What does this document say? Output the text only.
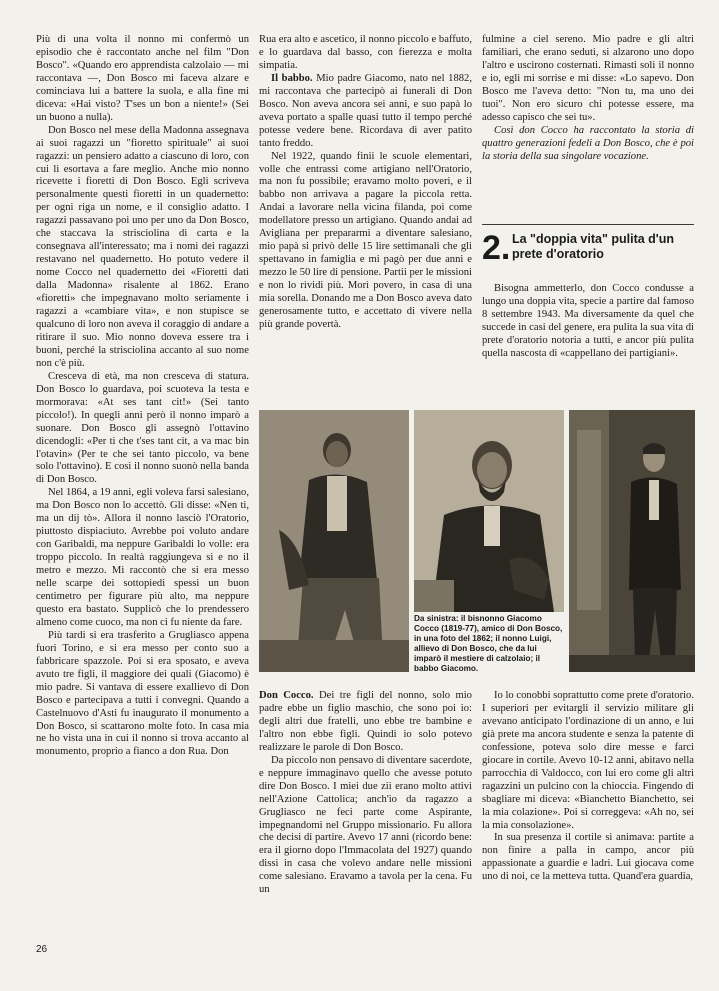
Più di una volta il nonno mi confermò un episodio che è raccontato anche nel film "Don Bosco". «Quando ero apprendista calzolaio — mi raccontava —, Don Bosco mi faceva alzare e cominciava lui a battere la suola, e alla fine mi diceva: «Hai visto? T'ses un bon a niente!» (Sei un buono a nulla).

Don Bosco nel mese della Madonna assegnava ai suoi ragazzi un "fioretto spirituale" ai suoi ragazzi: un pensiero adatto a ciascuno di loro, con cui li esortava a fare meglio. Anche mio nonno ricevette i fioretti di Don Bosco. Egli scriveva personalmente questi fioretti in un quadernetto: per ogni riga un nome, e il consiglio adatto. I ragazzi passavano poi uno per uno da Don Bosco, che staccava la strisciolina di carta e la consegnava all'interessato; ma i nomi dei ragazzi restavano nel quadernetto. Ho potuto vedere il nome Cocco nel quadernetto dei «Fioretti dati dalla Madonna» risalente al 1862. Erano «fioretti» che impegnavano molto seriamente i ragazzi a «cambiare vita», e non stupisce se qualcuno di loro non aveva il coraggio di andare a ritirare il suo. Mio nonno doveva essere tra i buoni, perché la strisciolina accanto al suo nome non c'è più.

Cresceva di età, ma non cresceva di statura. Don Bosco lo guardava, poi scuoteva la testa e mormorava: «At ses tant cit!» (Sei tanto piccolo!). In quegli anni però il nonno imparò a suonare. Don Bosco gli assegnò l'ottavino dicendogli: «Per ti che t'ses tant cit, a va mac bin l'otavin» (Per te che sei tanto piccolo, va bene solo l'ottavino). E così il nonno suonò nella banda di Don Bosco.

Nel 1864, a 19 anni, egli voleva farsi salesiano, ma Don Bosco non lo accettò. Gli disse: «Nen ti, ma un dij tò». Allora il nonno lasciò l'Oratorio, piuttosto dispiaciuto. Avrebbe poi voluto andare con Garibaldi, ma neppure Garibaldi lo volle: era troppo piccolo. In realtà raggiungeva si e no il metro e mezzo. Mi raccontò che si era messo nelle scarpe dei sottopiedi spessi un buon centimetro per figurare più alto, ma neppure questo era bastato. Supplicò che lo prendessero almeno come cuoco, ma non ci fu niente da fare.

Più tardi si era trasferito a Grugliasco appena fuori Torino, e si era messo per conto suo a fabbricare spazzole. Poi si era sposato, e aveva avuto tre figli, il maggiore dei quali (Giacomo) è mio padre. Si vantava di essere exallievo di Don Bosco e partecipava a tutti i convegni. Quando a Castelnuovo d'Asti fu inaugurato il monumento a Don Bosco, si scattarono molte foto. In casa mia ne ho vista una in cui il nonno si trova accanto al monumento, proprio a fianco a don Rua. Don

Rua era alto e ascetico, il nonno piccolo e baffuto, e lo guardava dal basso, con fierezza e molta simpatia.

Il babbo. Mio padre Giacomo, nato nel 1882, mi raccontava che partecipò ai funerali di Don Bosco. Non aveva ancora sei anni, e suo papà lo aveva portato a spalle quasi tutto il tempo perché potesse vedere bene. Ricordava di aver patito tanto freddo.

Nel 1922, quando finii le scuole elementari, volle che entrassi come artigiano nell'Oratorio, ma non fu possibile; eravamo molto poveri, e il babbo non arrivava a pagare la piccola retta. Andai a lavorare nella vicina filanda, poi come modellatore presso un artigiano. Quando andai ad Avigliana per prepararmi a diventare salesiano, mio papà si privò delle 15 lire settimanali che gli spettavano in famiglia e mi pagò per due anni e mezzo le 50 lire di pensione. Partii per le missioni e non lo rividi più. Morì povero, in casa di una mia sorella. Donando me a Don Bosco aveva dato generosamente tutto, e accettato di vivere nella più grande povertà.

fulmine a ciel sereno. Mio padre e gli altri familiari, che erano seduti, si alzarono uno dopo l'altro e uscirono costernati. Rimasti soli il nonno e io, egli mi sorrise e mi disse: «Lo sapevo. Don Bosco me l'aveva detto: "Non tu, ma uno dei tuoi". Non ero sicuro chi potesse essere, ma adesso capisco che sei tu».

Così don Cocco ha raccontato la storia di quattro generazioni fedeli a Don Bosco, che è poi la storia della sua singolare vocazione.

2. La "doppia vita" pulita d'un prete d'oratorio

Bisogna ammetterlo, don Cocco condusse a lungo una doppia vita, specie a partire dal famoso 8 settembre 1943. Ma diversamente da quel che succede in casi del genere, era pulita la sua vita di prete d'oratorio notoria a tutti, e ancor più pulita quella nascosta di «cappellano dei partigiani».

Da sinistra: il bisnonno Giacomo Cocco (1819-77), amico di Don Bosco, in una foto del 1862; il nonno Luigi, allievo di Don Bosco, che da lui imparò il mestiere di calzolaio; il babbo Giacomo.

Don Cocco. Dei tre figli del nonno, solo mio padre ebbe un figlio maschio, che sono poi io: degli altri due fratelli, uno ebbe tre bambine e l'altro non ebbe figli. Quindi io solo potevo realizzare le parole di Don Bosco.

Da piccolo non pensavo di diventare sacerdote, e neppure immaginavo quello che avesse potuto dire Don Bosco. I miei due zii erano molto attivi nell'Azione Cattolica; anch'io da ragazzo a Grugliasco ne feci parte come Aspirante, impegnandomi nel Gruppo missionario. Fu allora che decisi di partire. Avevo 17 anni (ricordo bene: era il giorno dopo l'Immacolata del 1927) quando dissi in casa che volevo andare nelle missioni come salesiano. Eravamo a tavola per la cena. Fu un

Io lo conobbi soprattutto come prete d'oratorio. I superiori per evitargli il servizio militare gli avevano anticipato l'ordinazione di un anno, e lui già prete ma ancora studente e senza la patente di confessione, poteva solo dire messe e farci giocare in cortile. Avevo 10-12 anni, abitavo nella parrocchia di Valdocco, con lui ero come gli altri ragazzini un pulcino con la chioccia. Fingendo di sbagliare mi diceva: «Bianchetto Bianchetto, sei la mia colazione». Poi si correggeva: «Ah no, sei la mia consolazione».

In sua presenza il cortile si animava: partite a non finire a palla in campo, ancor più appassionate a guardie e ladri. Lui giocava come uno di noi, ce la metteva tutta. Quand'era guardia,

26
